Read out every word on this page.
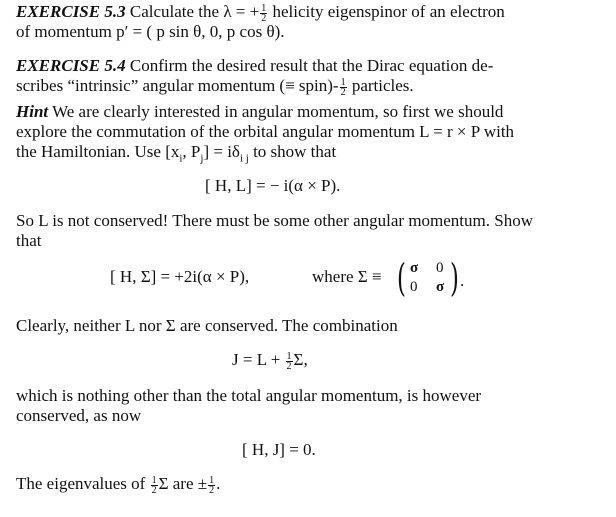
EXERCISE 5.3 Calculate the λ = + $\frac{1}{2}$ helicity eigenspinor of an electron
of momentum p′ = ( p sin θ, 0, p cos θ).
EXERCISE 5.4 Confirm the desired result that the Dirac equation de-
scribes “intrinsic” angular momentum (≡ spin)- $\frac{1}{2}$ particles.
Hint We are clearly interested in angular momentum, so first we should
explore the commutation of the orbital angular momentum L = r × P with
the Hamiltonian. Use [$x_i$, $P_j] = i\delta_{i j}$ to show that
[ H, L] = − i(α × P).
So L is not conserved! There must be some other angular momentum. Show
that
[ H, Σ] = +2i(α × P),	where Σ ≡ ( σ 0
0 σ ) .
Clearly, neither L nor Σ are conserved. The combination
$J = L + \frac{1}{2} \Sigma$,
which is nothing other than the total angular momentum, is however
conserved, as now
[ H, J] = 0.
The eigenvalues of $\frac{1}{2}$ Σ are ± $\frac{1}{2}$ .
